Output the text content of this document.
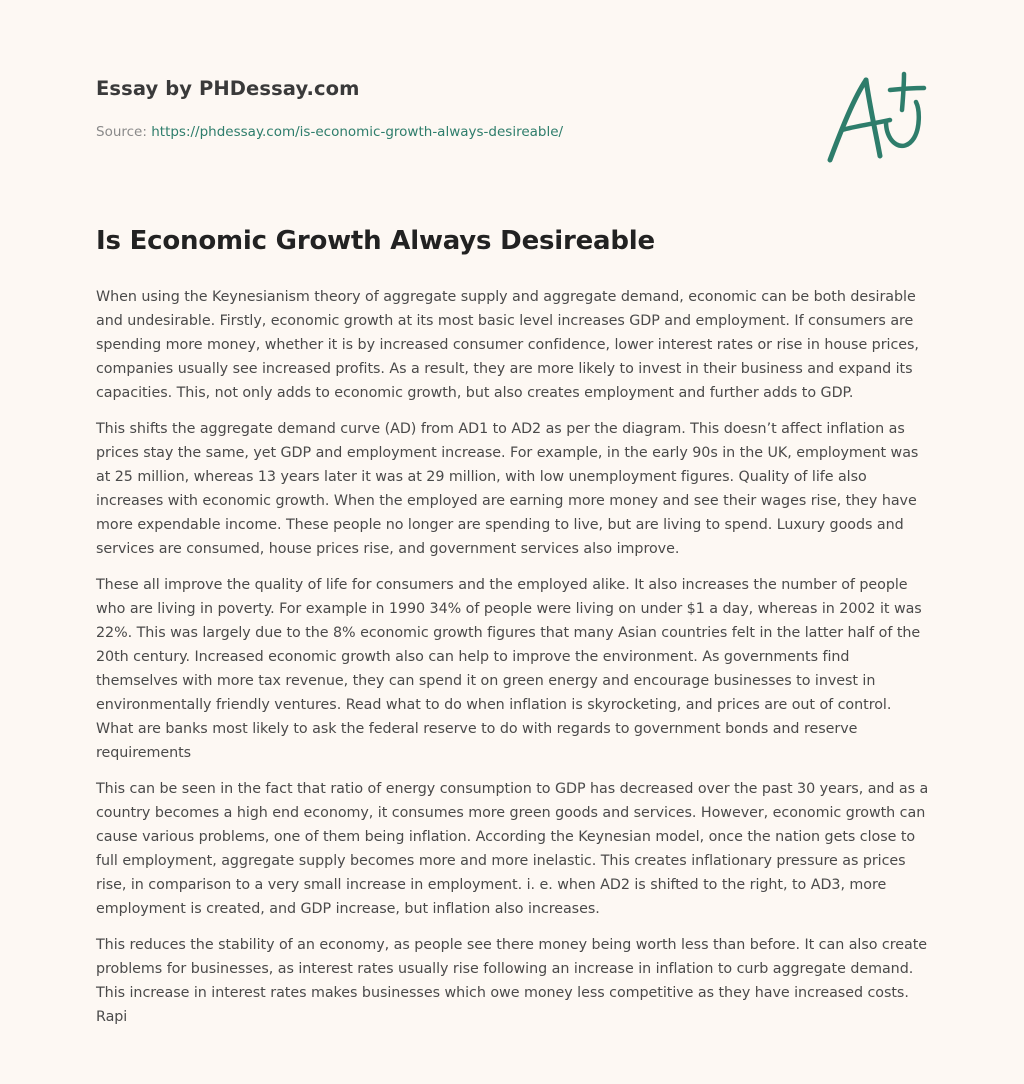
Essay by PHDessay.com
Source: https://phdessay.com/is-economic-growth-always-desireable/
Is Economic Growth Always Desireable

When using the Keynesianism theory of aggregate supply and aggregate demand, economic can be both desirable and undesirable. Firstly, economic growth at its most basic level increases GDP and employment. If consumers are spending more money, whether it is by increased consumer confidence, lower interest rates or rise in house prices, companies usually see increased profits. As a result, they are more likely to invest in their business and expand its capacities. This, not only adds to economic growth, but also creates employment and further adds to GDP.

This shifts the aggregate demand curve (AD) from AD1 to AD2 as per the diagram. This doesn’t affect inflation as prices stay the same, yet GDP and employment increase. For example, in the early 90s in the UK, employment was at 25 million, whereas 13 years later it was at 29 million, with low unemployment figures. Quality of life also increases with economic growth. When the employed are earning more money and see their wages rise, they have more expendable income. These people no longer are spending to live, but are living to spend. Luxury goods and services are consumed, house prices rise, and government services also improve.

These all improve the quality of life for consumers and the employed alike. It also increases the number of people who are living in poverty. For example in 1990 34% of people were living on under $1 a day, whereas in 2002 it was 22%. This was largely due to the 8% economic growth figures that many Asian countries felt in the latter half of the 20th century. Increased economic growth also can help to improve the environment. As governments find themselves with more tax revenue, they can spend it on green energy and encourage businesses to invest in environmentally friendly ventures. Read what to do when inflation is skyrocketing, and prices are out of control. What are banks most likely to ask the federal reserve to do with regards to government bonds and reserve requirements

This can be seen in the fact that ratio of energy consumption to GDP has decreased over the past 30 years, and as a country becomes a high end economy, it consumes more green goods and services. However, economic growth can cause various problems, one of them being inflation. According the Keynesian model, once the nation gets close to full employment, aggregate supply becomes more and more inelastic. This creates inflationary pressure as prices rise, in comparison to a very small increase in employment. i. e. when AD2 is shifted to the right, to AD3, more employment is created, and GDP increase, but inflation also increases.

This reduces the stability of an economy, as people see there money being worth less than before. It can also create problems for businesses, as interest rates usually rise following an increase in inflation to curb aggregate demand. This increase in interest rates makes businesses which owe money less competitive as they have increased costs. Rapi
